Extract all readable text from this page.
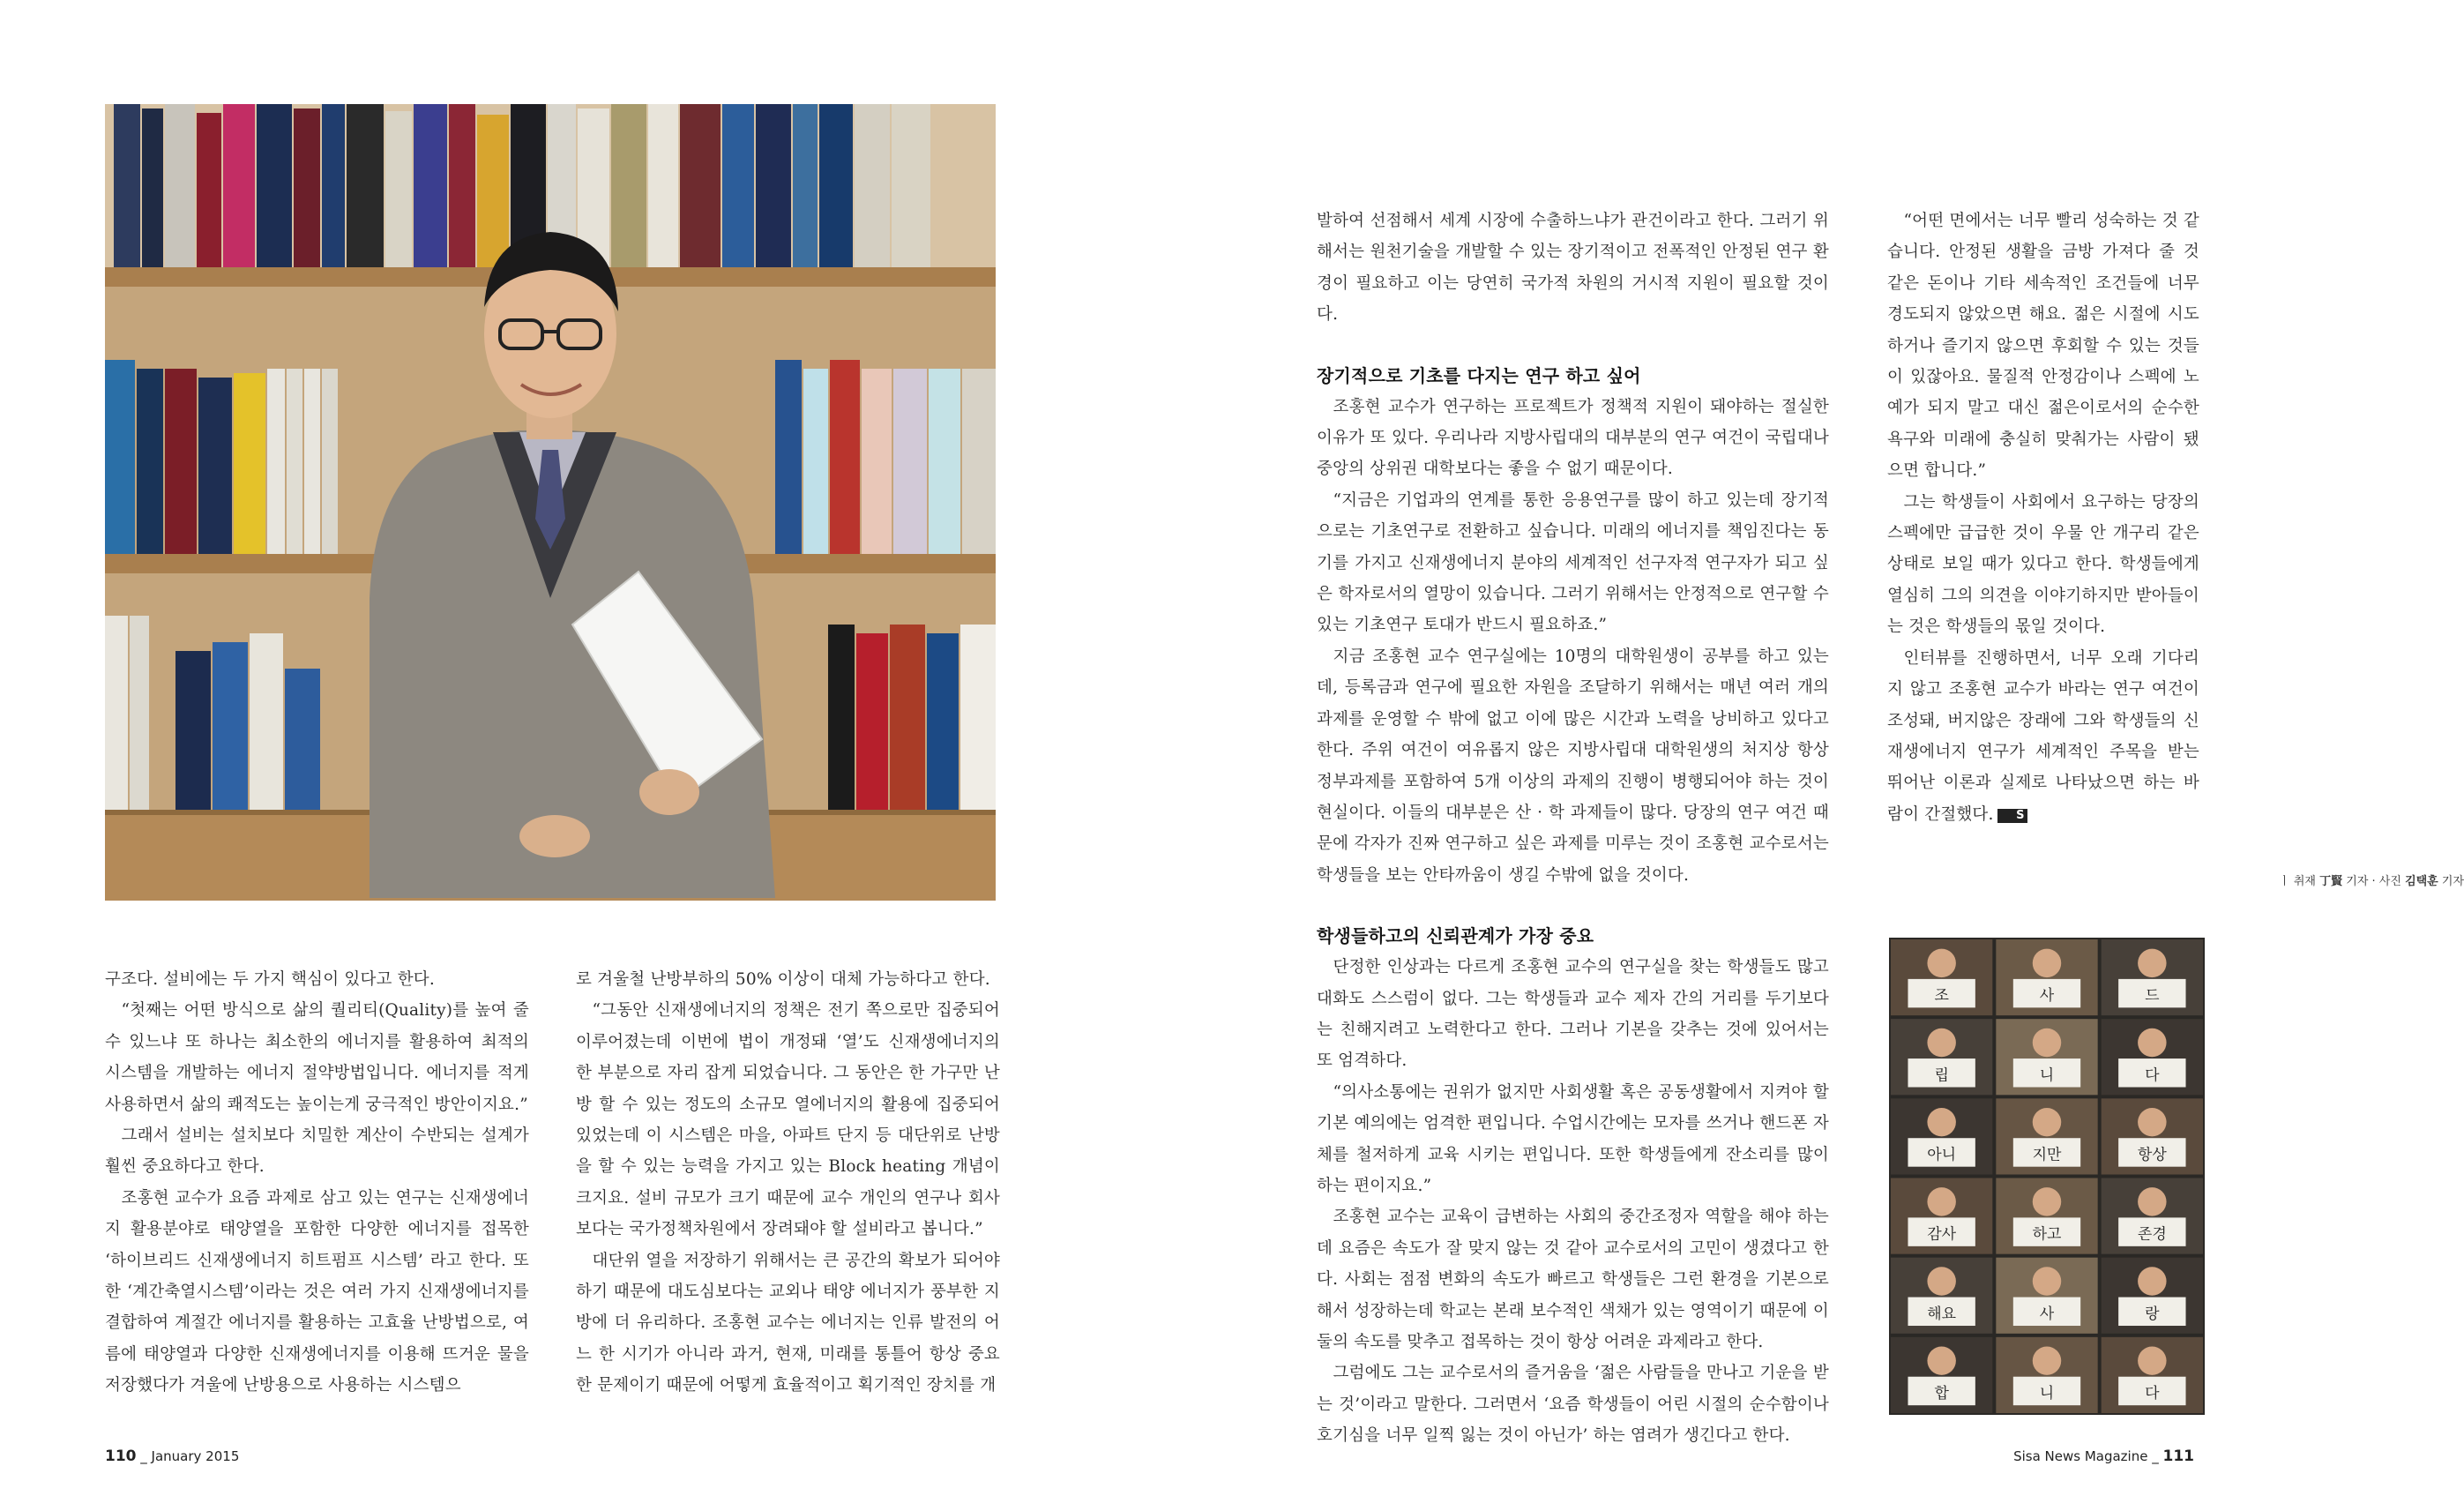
구조다. 설비에는 두 가지 핵심이 있다고 한다.

“첫째는 어떤 방식으로 삶의 퀄리티(Quality)를 높여 줄 수 있느냐 또 하나는 최소한의 에너지를 활용하여 최적의 시스템을 개발하는 에너지 절약방법입니다. 에너지를 적게 사용하면서 삶의 쾌적도는 높이는게 궁극적인 방안이지요.”

그래서 설비는 설치보다 치밀한 계산이 수반되는 설계가 훨씬 중요하다고 한다.

조홍현 교수가 요즘 과제로 삼고 있는 연구는 신재생에너지 활용분야로 태양열을 포함한 다양한 에너지를 접목한 ‘하이브리드 신재생에너지 히트펌프 시스템’ 라고 한다. 또 한 ‘계간축열시스템’이라는 것은 여러 가지 신재생에너지를 결합하여 계절간 에너지를 활용하는 고효율 난방법으로, 여름에 태양열과 다양한 신재생에너지를 이용해 뜨거운 물을 저장했다가 겨울에 난방용으로 사용하는 시스템으

로 겨울철 난방부하의 50% 이상이 대체 가능하다고 한다.

“그동안 신재생에너지의 정책은 전기 쪽으로만 집중되어 이루어졌는데 이번에 법이 개정돼 ‘열’도 신재생에너지의 한 부분으로 자리 잡게 되었습니다. 그 동안은 한 가구만 난방 할 수 있는 정도의 소규모 열에너지의 활용에 집중되어 있었는데 이 시스템은 마을, 아파트 단지 등 대단위로 난방을 할 수 있는 능력을 가지고 있는 Block heating 개념이 크지요. 설비 규모가 크기 때문에 교수 개인의 연구나 회사보다는 국가정책차원에서 장려돼야 할 설비라고 봅니다.”

대단위 열을 저장하기 위해서는 큰 공간의 확보가 되어야 하기 때문에 대도심보다는 교외나 태양 에너지가 풍부한 지방에 더 유리하다. 조홍현 교수는 에너지는 인류 발전의 어느 한 시기가 아니라 과거, 현재, 미래를 통틀어 항상 중요한 문제이기 때문에 어떻게 효율적이고 획기적인 장치를 개

110 _ January 2015

발하여 선점해서 세계 시장에 수출하느냐가 관건이라고 한다. 그러기 위해서는 원천기술을 개발할 수 있는 장기적이고 전폭적인 안정된 연구 환경이 필요하고 이는 당연히 국가적 차원의 거시적 지원이 필요할 것이다.

장기적으로 기초를 다지는 연구 하고 싶어

조홍현 교수가 연구하는 프로젝트가 정책적 지원이 돼야하는 절실한 이유가 또 있다. 우리나라 지방사립대의 대부분의 연구 여건이 국립대나 중앙의 상위권 대학보다는 좋을 수 없기 때문이다.

“지금은 기업과의 연계를 통한 응용연구를 많이 하고 있는데 장기적으로는 기초연구로 전환하고 싶습니다. 미래의 에너지를 책임진다는 동기를 가지고 신재생에너지 분야의 세계적인 선구자적 연구자가 되고 싶은 학자로서의 열망이 있습니다. 그러기 위해서는 안정적으로 연구할 수 있는 기초연구 토대가 반드시 필요하죠.”

지금 조홍현 교수 연구실에는 10명의 대학원생이 공부를 하고 있는데, 등록금과 연구에 필요한 자원을 조달하기 위해서는 매년 여러 개의 과제를 운영할 수 밖에 없고 이에 많은 시간과 노력을 낭비하고 있다고 한다. 주위 여건이 여유롭지 않은 지방사립대 대학원생의 처지상 항상 정부과제를 포함하여 5개 이상의 과제의 진행이 병행되어야 하는 것이 현실이다. 이들의 대부분은 산 · 학 과제들이 많다. 당장의 연구 여건 때문에 각자가 진짜 연구하고 싶은 과제를 미루는 것이 조홍현 교수로서는 학생들을 보는 안타까움이 생길 수밖에 없을 것이다.

학생들하고의 신뢰관계가 가장 중요

단정한 인상과는 다르게 조홍현 교수의 연구실을 찾는 학생들도 많고 대화도 스스럼이 없다. 그는 학생들과 교수 제자 간의 거리를 두기보다는 친해지려고 노력한다고 한다. 그러나 기본을 갖추는 것에 있어서는 또 엄격하다.

“의사소통에는 권위가 없지만 사회생활 혹은 공동생활에서 지켜야 할 기본 예의에는 엄격한 편입니다. 수업시간에는 모자를 쓰거나 핸드폰 자체를 철저하게 교육 시키는 편입니다. 또한 학생들에게 잔소리를 많이 하는 편이지요.”

조홍현 교수는 교육이 급변하는 사회의 중간조정자 역할을 해야 하는데 요즘은 속도가 잘 맞지 않는 것 같아 교수로서의 고민이 생겼다고 한다. 사회는 점점 변화의 속도가 빠르고 학생들은 그런 환경을 기본으로 해서 성장하는데 학교는 본래 보수적인 색채가 있는 영역이기 때문에 이 둘의 속도를 맞추고 접목하는 것이 항상 어려운 과제라고 한다.

그럼에도 그는 교수로서의 즐거움을 ‘젊은 사람들을 만나고 기운을 받는 것’이라고 말한다. 그러면서 ‘요즘 학생들이 어린 시절의 순수함이나 호기심을 너무 일찍 잃는 것이 아닌가’ 하는 염려가 생긴다고 한다.

“어떤 면에서는 너무 빨리 성숙하는 것 같습니다. 안정된 생활을 금방 가져다 줄 것 같은 돈이나 기타 세속적인 조건들에 너무 경도되지 않았으면 해요. 젊은 시절에 시도하거나 즐기지 않으면 후회할 수 있는 것들이 있잖아요. 물질적 안정감이나 스펙에 노예가 되지 말고 대신 젊은이로서의 순수한 욕구와 미래에 충실히 맞춰가는 사람이 됐으면 합니다.”

그는 학생들이 사회에서 요구하는 당장의 스펙에만 급급한 것이 우물 안 개구리 같은 상태로 보일 때가 있다고 한다. 학생들에게 열심히 그의 의견을 이야기하지만 받아들이는 것은 학생들의 몫일 것이다.

인터뷰를 진행하면서, 너무 오래 기다리지 않고 조홍현 교수가 바라는 연구 여건이 조성돼, 버지않은 장래에 그와 학생들의 신재생에너지 연구가 세계적인 주목을 받는 뛰어난 이론과 실제로 나타났으면 하는 바람이 간절했다. S

ㅣ 취재 丁賢 기자 · 사진 김택훈 기자
조	사	드
립	니	다
아니	지만	항상
감사	하고	존경
해요	사	랑
합	니	다
Sisa News Magazine _ 111
